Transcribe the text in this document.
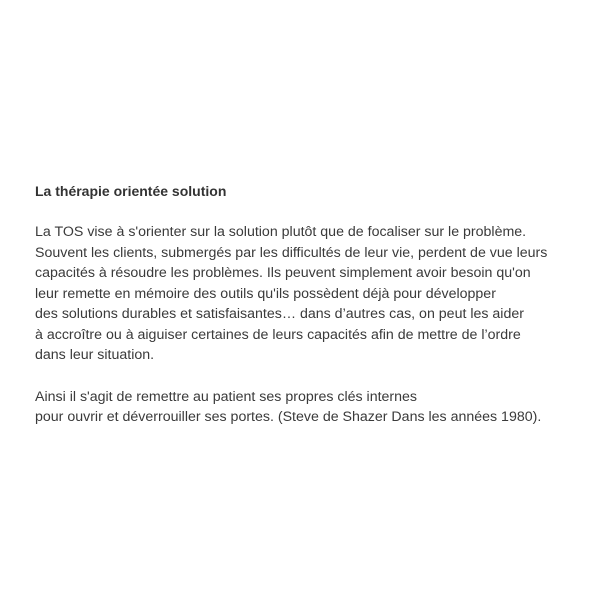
La thérapie orientée solution

La TOS vise à s'orienter sur la solution plutôt que de focaliser sur le problème.
Souvent les clients, submergés par les difficultés de leur vie, perdent de vue leurs
capacités à résoudre les problèmes. Ils peuvent simplement avoir besoin qu'on
leur remette en mémoire des outils qu'ils possèdent déjà pour développer
des solutions durables et satisfaisantes… dans d’autres cas, on peut les aider
à accroître ou à aiguiser certaines de leurs capacités afin de mettre de l’ordre
dans leur situation.

Ainsi il s'agit de remettre au patient ses propres clés internes
pour ouvrir et déverrouiller ses portes. (Steve de Shazer Dans les années 1980).
